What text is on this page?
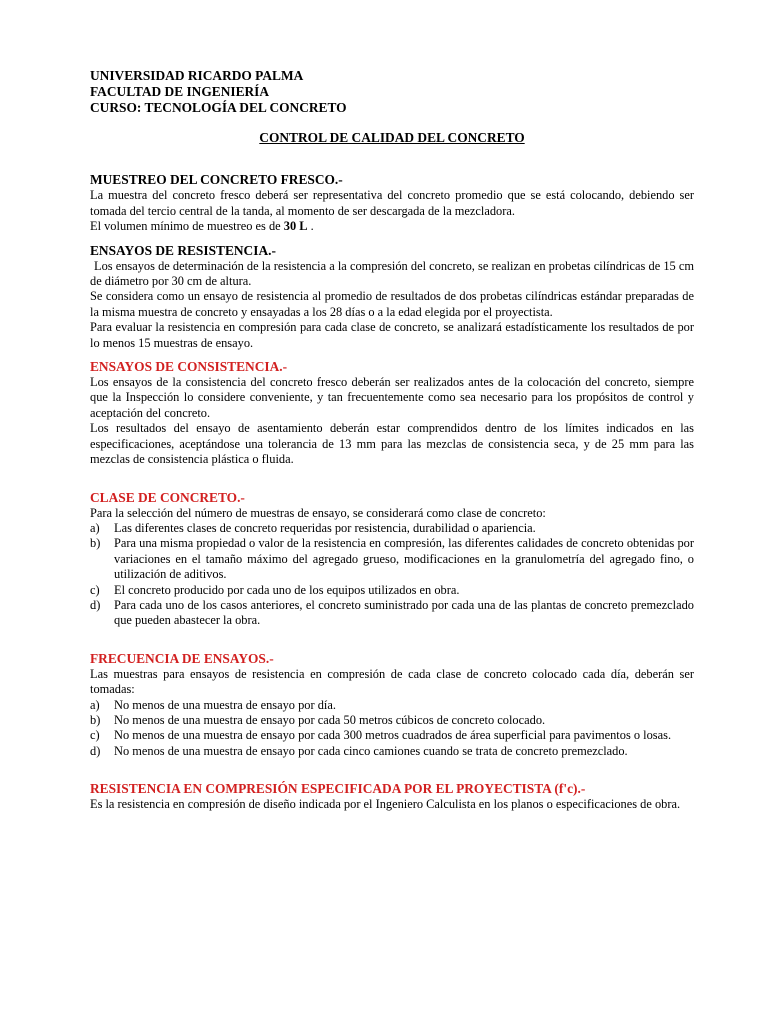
UNIVERSIDAD RICARDO PALMA
FACULTAD DE INGENIERÍA
CURSO: TECNOLOGÍA DEL CONCRETO
CONTROL DE CALIDAD DEL CONCRETO
MUESTREO DEL CONCRETO FRESCO.-

La muestra del concreto fresco deberá ser representativa del concreto promedio que se está colocando, debiendo ser tomada del tercio central de la tanda, al momento de ser descargada de la mezcladora.

El volumen mínimo de muestreo es de 30 L .

ENSAYOS DE RESISTENCIA.-

Los ensayos de determinación de la resistencia a la compresión del concreto, se realizan en probetas cilíndricas de 15 cm de diámetro por 30 cm de altura.

Se considera como un ensayo de resistencia al promedio de resultados de dos probetas cilíndricas estándar preparadas de la misma muestra de concreto y ensayadas a los 28 días o a la edad elegida por el proyectista.

Para evaluar la resistencia en compresión para cada clase de concreto, se analizará estadísticamente los resultados de por lo menos 15 muestras de ensayo.

ENSAYOS DE CONSISTENCIA.-

Los ensayos de la consistencia del concreto fresco deberán ser realizados antes de la colocación del concreto, siempre que la Inspección lo considere conveniente, y tan frecuentemente como sea necesario para los propósitos de control y aceptación del concreto.

Los resultados del ensayo de asentamiento deberán estar comprendidos dentro de los límites indicados en las especificaciones, aceptándose una tolerancia de 13 mm para las mezclas de consistencia seca, y de 25 mm para las mezclas de consistencia plástica o fluida.

CLASE DE CONCRETO.-

Para la selección del número de muestras de ensayo, se considerará como clase de concreto:

a)	Las diferentes clases de concreto requeridas por resistencia, durabilidad o apariencia.
b)	Para una misma propiedad o valor de la resistencia en compresión, las diferentes calidades de concreto obtenidas por variaciones en el tamaño máximo del agregado grueso, modificaciones en la granulometría del agregado fino, o utilización de aditivos.
c)	El concreto producido por cada uno de los equipos utilizados en obra.
d)	Para cada uno de los casos anteriores, el concreto suministrado por cada una de las plantas de concreto premezclado que pueden abastecer la obra.
FRECUENCIA DE ENSAYOS.-

Las muestras para ensayos de resistencia en compresión de cada clase de concreto colocado cada día, deberán ser tomadas:

a)	No menos de una muestra de ensayo por día.
b)	No menos de una muestra de ensayo por cada 50 metros cúbicos de concreto colocado.
c)	No menos de una muestra de ensayo por cada 300 metros cuadrados de área superficial para pavimentos o losas.
d)	No menos de una muestra de ensayo por cada cinco camiones cuando se trata de concreto premezclado.
RESISTENCIA EN COMPRESIÓN ESPECIFICADA POR EL PROYECTISTA (f'c).-

Es la resistencia en compresión de diseño indicada por el Ingeniero Calculista en los planos o especificaciones de obra.
